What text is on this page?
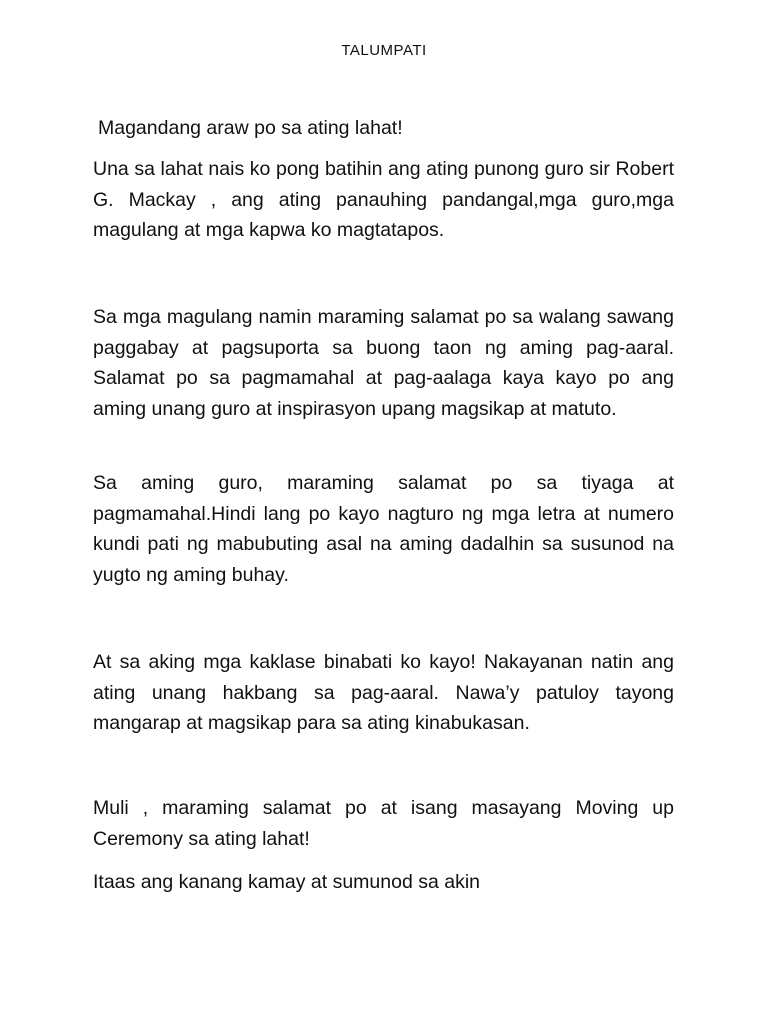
TALUMPATI

Magandang araw po sa ating lahat!

Una sa lahat nais ko pong batihin ang ating punong guro sir Robert G. Mackay , ang ating panauhing pandangal,mga guro,mga magulang at mga kapwa ko magtatapos.

Sa mga magulang namin maraming salamat po sa walang sawang paggabay at pagsuporta sa buong taon ng aming pag-aaral. Salamat po sa pagmamahal at pag-aalaga kaya kayo po ang aming unang guro at inspirasyon upang magsikap at matuto.

Sa aming guro, maraming salamat po sa tiyaga at pagmamahal.Hindi lang po kayo nagturo ng mga letra at numero kundi pati ng mabubuting asal na aming dadalhin sa susunod na yugto ng aming buhay.

At sa aking mga kaklase binabati ko kayo! Nakayanan natin ang ating unang hakbang sa pag-aaral. Nawa’y patuloy tayong mangarap at magsikap para sa ating kinabukasan.

Muli , maraming salamat po at isang masayang Moving up Ceremony sa ating lahat!

Itaas ang kanang kamay at sumunod sa akin
